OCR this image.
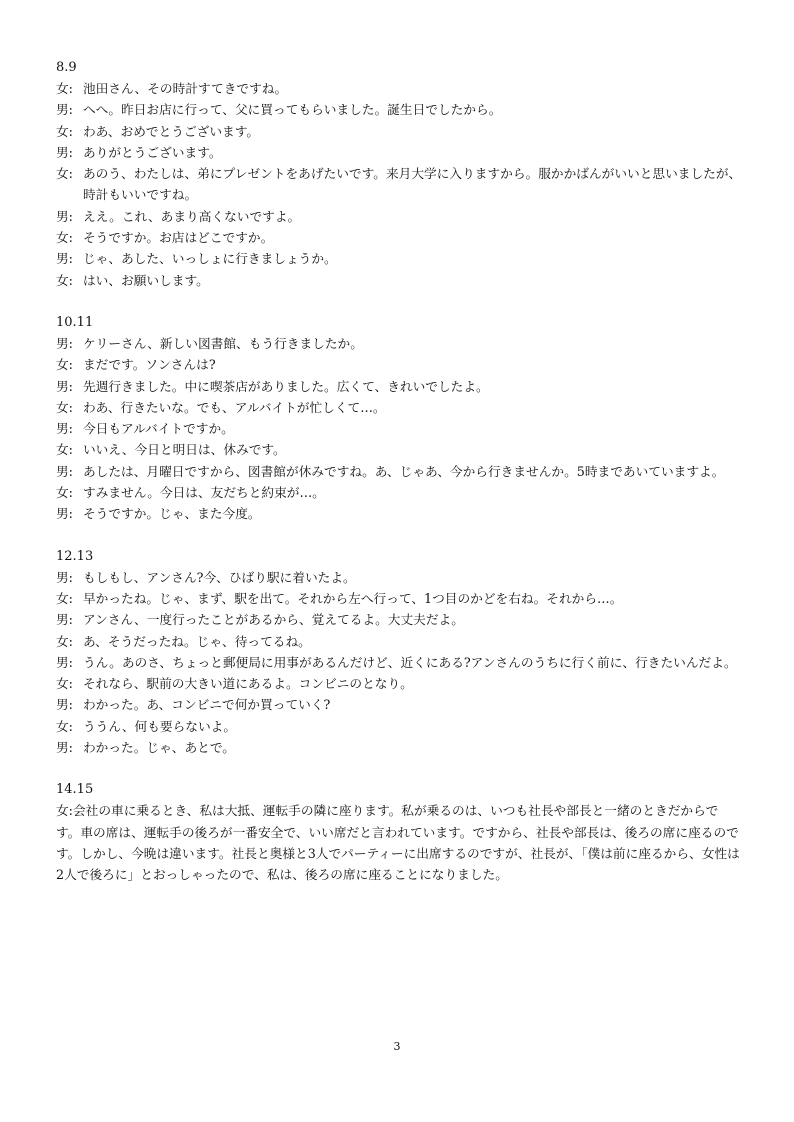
8.9
女: 池田さん、その時計すてきですね。
男: へへ。昨日お店に行って、父に買ってもらいました。誕生日でしたから。
女: わあ、おめでとうございます。
男: ありがとうございます。
女: あのう、わたしは、弟にプレゼントをあげたいです。来月大学に入りますから。服かかばんがいいと思いましたが、時計もいいですね。
男: ええ。これ、あまり高くないですよ。
女: そうですか。お店はどこですか。
男: じゃ、あした、いっしょに行きましょうか。
女: はい、お願いします。
10.11
男: ケリーさん、新しい図書館、もう行きましたか。
女: まだです。ソンさんは?
男: 先週行きました。中に喫茶店がありました。広くて、きれいでしたよ。
女: わあ、行きたいな。でも、アルバイトが忙しくて…。
男: 今日もアルバイトですか。
女: いいえ、今日と明日は、休みです。
男: あしたは、月曜日ですから、図書館が休みですね。あ、じゃあ、今から行きませんか。5時まであいていますよ。
女: すみません。今日は、友だちと約束が…。
男: そうですか。じゃ、また今度。
12.13
男: もしもし、アンさん?今、ひばり駅に着いたよ。
女: 早かったね。じゃ、まず、駅を出て。それから左へ行って、1つ目のかどを右ね。それから…。
男: アンさん、一度行ったことがあるから、覚えてるよ。大丈夫だよ。
女: あ、そうだったね。じゃ、待ってるね。
男: うん。あのさ、ちょっと郵便局に用事があるんだけど、近くにある?アンさんのうちに行く前に、行きたいんだよ。
女: それなら、駅前の大きい道にあるよ。コンビニのとなり。
男: わかった。あ、コンビニで何か買っていく?
女: ううん、何も要らないよ。
男: わかった。じゃ、あとで。
14.15
女:会社の車に乗るとき、私は大抵、運転手の隣に座ります。私が乗るのは、いつも社長や部長と一緒のときだからです。車の席は、運転手の後ろが一番安全で、いい席だと言われています。ですから、社長や部長は、後ろの席に座るのです。しかし、今晩は違います。社長と奥様と3人でパーティーに出席するのですが、社長が、「僕は前に座るから、女性は2人で後ろに」とおっしゃったので、私は、後ろの席に座ることになりました。
3
